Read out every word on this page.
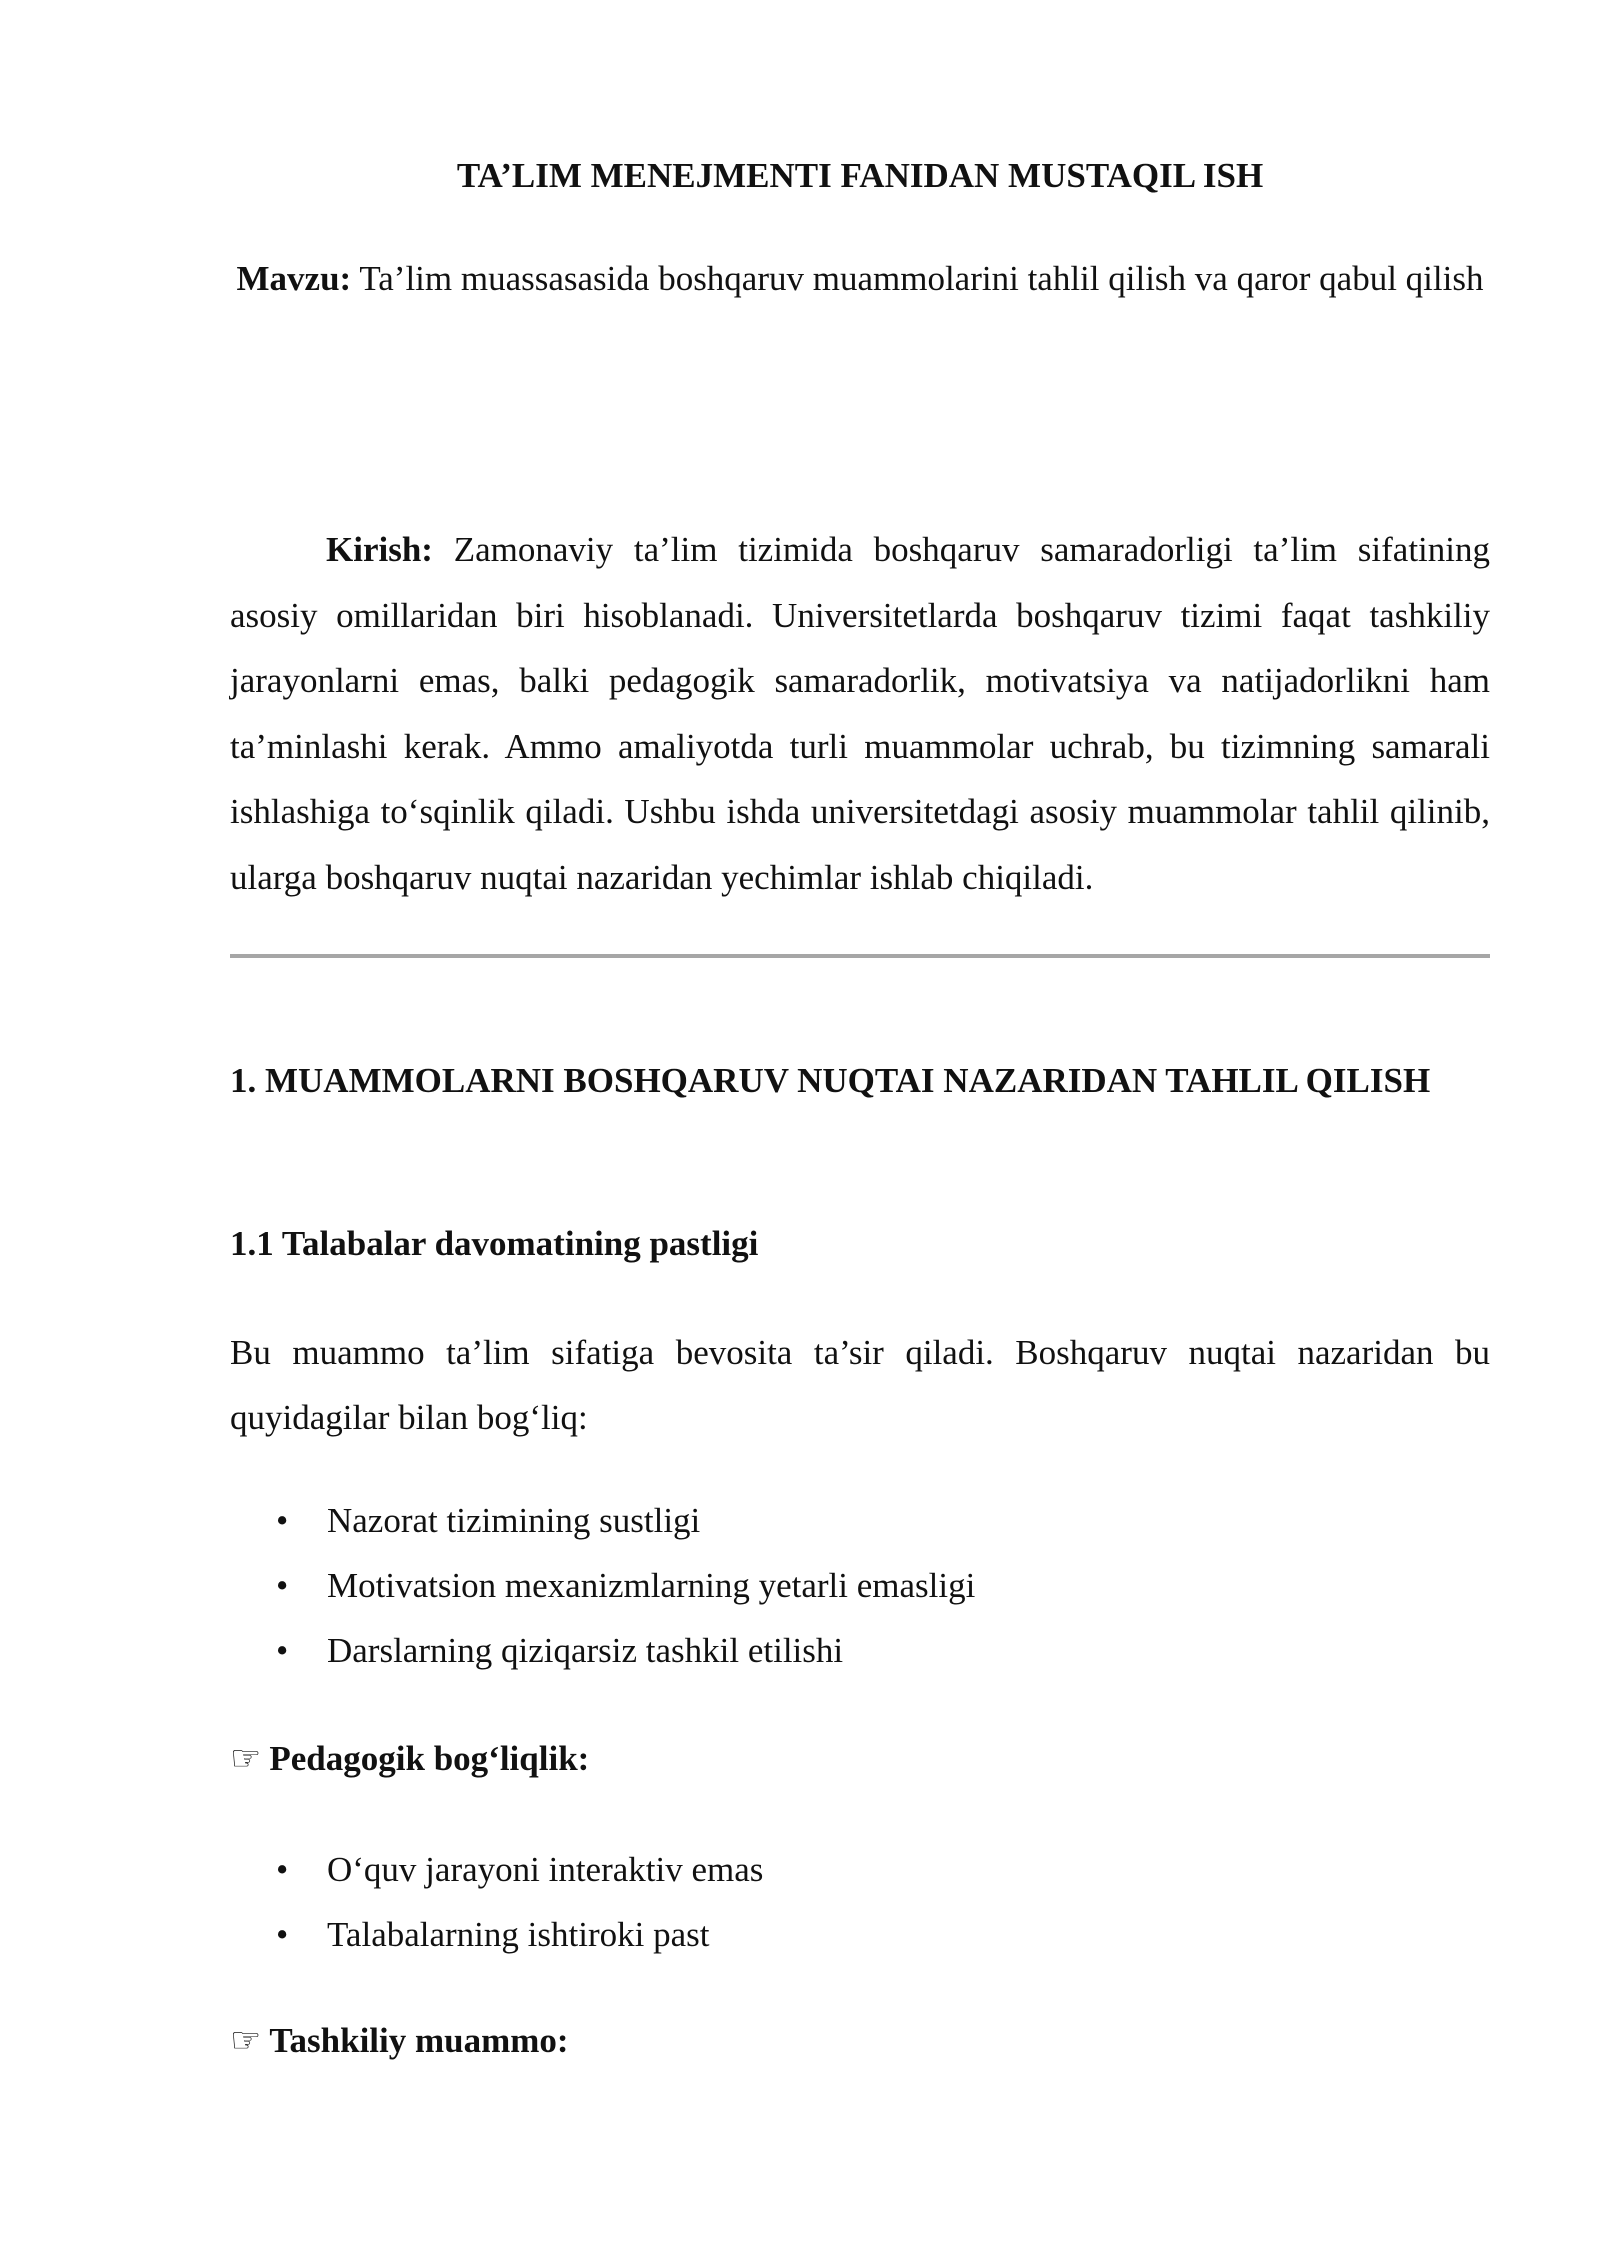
TA’LIM MENEJMENTI FANIDAN MUSTAQIL ISH

Mavzu: Ta’lim muassasasida boshqaruv muammolarini tahlil qilish va qaror qabul qilish

Kirish: Zamonaviy ta’lim tizimida boshqaruv samaradorligi ta’lim sifatining asosiy omillaridan biri hisoblanadi. Universitetlarda boshqaruv tizimi faqat tashkiliy jarayonlarni emas, balki pedagogik samaradorlik, motivatsiya va natijadorlikni ham ta’minlashi kerak. Ammo amaliyotda turli muammolar uchrab, bu tizimning samarali ishlashiga to‘sqinlik qiladi. Ushbu ishda universitetdagi asosiy muammolar tahlil qilinib, ularga boshqaruv nuqtai nazaridan yechimlar ishlab chiqiladi.

1. MUAMMOLARNI BOSHQARUV NUQTAI NAZARIDAN TAHLIL QILISH

1.1 Talabalar davomatining pastligi

Bu muammo ta’lim sifatiga bevosita ta’sir qiladi. Boshqaruv nuqtai nazaridan bu quyidagilar bilan bog‘liq:

• Nazorat tizimining sustligi
• Motivatsion mexanizmlarning yetarli emasligi
• Darslarning qiziqarsiz tashkil etilishi

☞ Pedagogik bog‘liqlik:

• O‘quv jarayoni interaktiv emas
• Talabalarning ishtiroki past

☞ Tashkiliy muammo:
